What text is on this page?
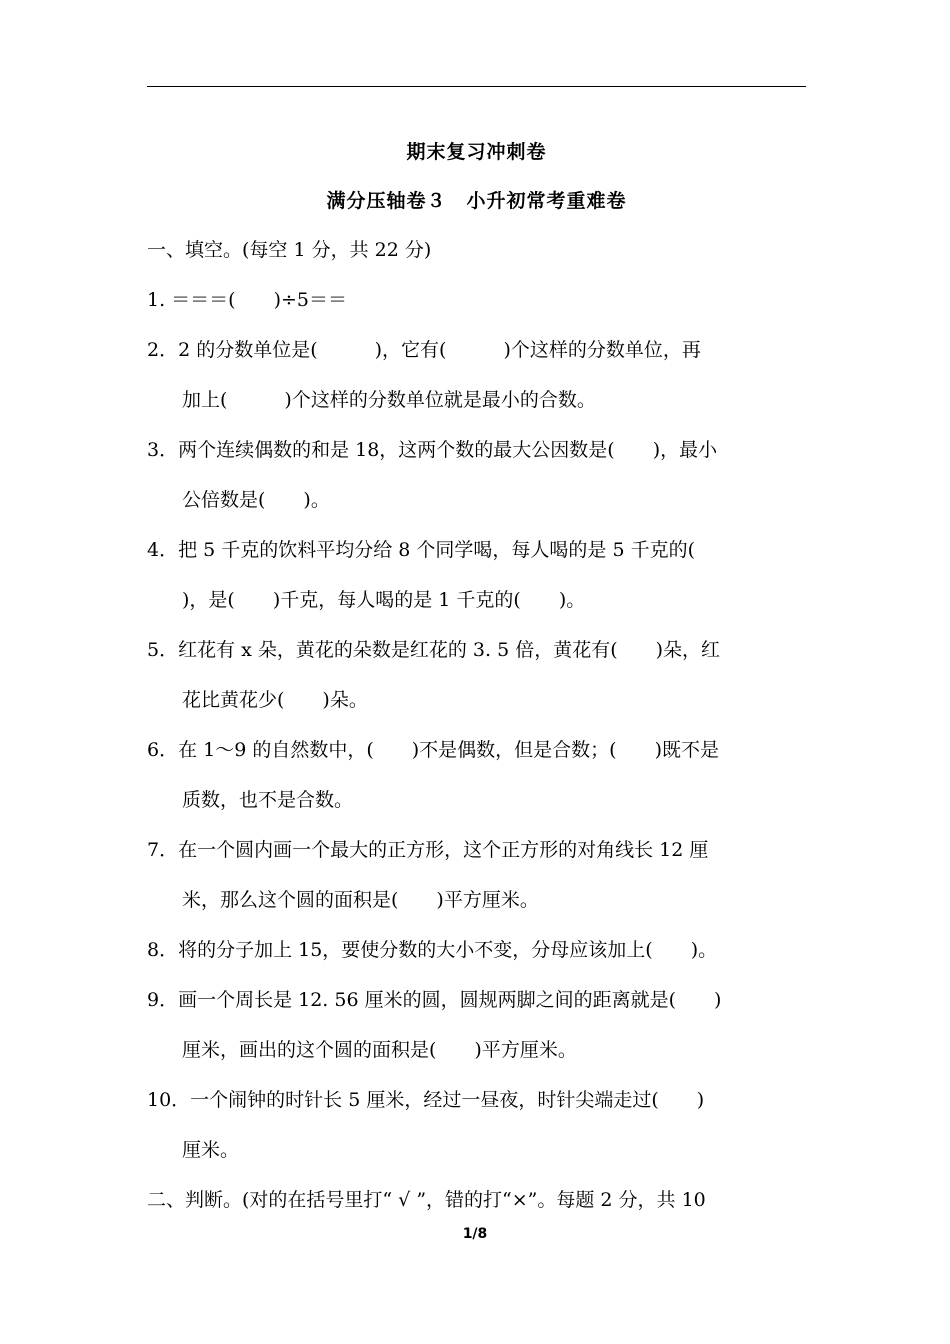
期末复习冲刺卷
满分压轴卷３　小升初常考重难卷
一、填空。(每空 1 分，共 22 分)
1. ＝＝＝(　　)÷5＝＝
2．2 的分数单位是(　　　)，它有(　　　)个这样的分数单位，再
加上(　　　)个这样的分数单位就是最小的合数。
3．两个连续偶数的和是 18，这两个数的最大公因数是(　　)，最小
公倍数是(　　)。
4．把 5 千克的饮料平均分给 8 个同学喝，每人喝的是 5 千克的(
)，是(　　)千克，每人喝的是 1 千克的(　　)。
5．红花有 x 朵，黄花的朵数是红花的 3. 5 倍，黄花有(　　)朵，红
花比黄花少(　　)朵。
6．在 1～9 的自然数中，(　　)不是偶数，但是合数；(　　)既不是
质数，也不是合数。
7．在一个圆内画一个最大的正方形，这个正方形的对角线长 12 厘
米，那么这个圆的面积是(　　)平方厘米。
8．将的分子加上 15，要使分数的大小不变，分母应该加上(　　)。
9．画一个周长是 12. 56 厘米的圆，圆规两脚之间的距离就是(　　)
厘米，画出的这个圆的面积是(　　)平方厘米。
10．一个闹钟的时针长 5 厘米，经过一昼夜，时针尖端走过(　　)
厘米。
二、判断。(对的在括号里打“ √ ”，错的打“×”。每题 2 分，共 10
1/8
